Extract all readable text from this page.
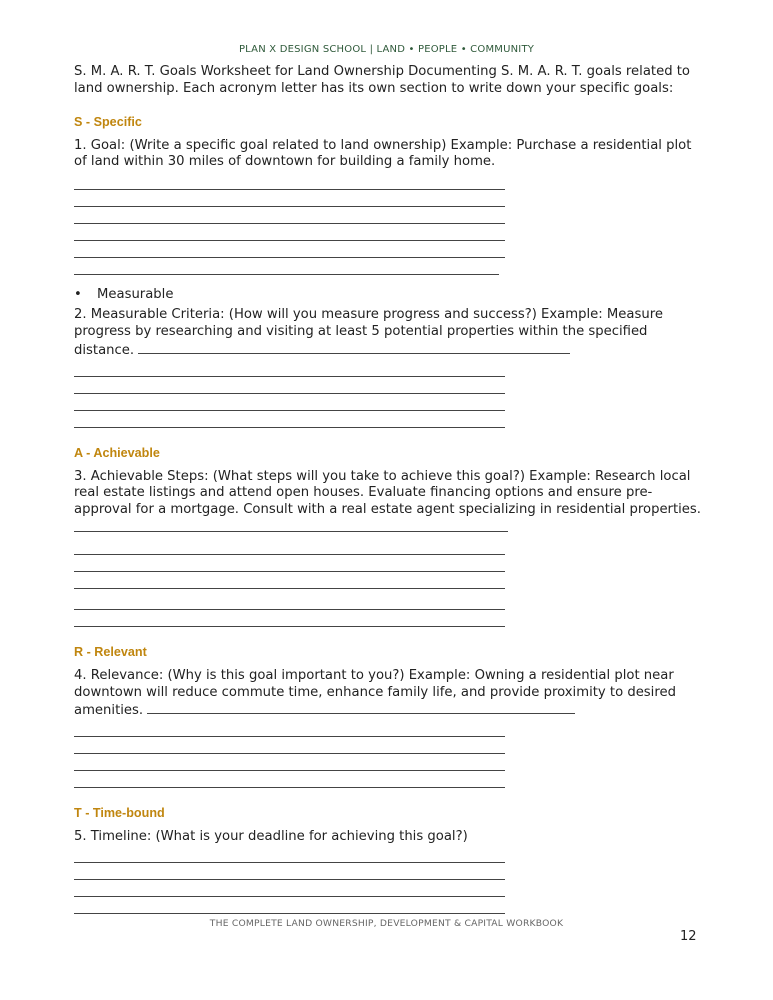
PLAN X DESIGN SCHOOL | LAND • PEOPLE • COMMUNITY

S. M. A. R. T. Goals Worksheet for Land Ownership Documenting S. M. A. R. T. goals related to land ownership. Each acronym letter has its own section to write down your specific goals:

S - Specific

1. Goal: (Write a specific goal related to land ownership) Example: Purchase a residential plot of land within 30 miles of downtown for building a family home.

• Measurable

2. Measurable Criteria: (How will you measure progress and success?) Example: Measure progress by researching and visiting at least 5 potential properties within the specified distance.

A - Achievable

3. Achievable Steps: (What steps will you take to achieve this goal?) Example: Research local real estate listings and attend open houses. Evaluate financing options and ensure pre-approval for a mortgage. Consult with a real estate agent specializing in residential properties.

R - Relevant

4. Relevance: (Why is this goal important to you?) Example: Owning a residential plot near downtown will reduce commute time, enhance family life, and provide proximity to desired amenities.

T - Time-bound

5. Timeline: (What is your deadline for achieving this goal?)

THE COMPLETE LAND OWNERSHIP, DEVELOPMENT & CAPITAL WORKBOOK
12
